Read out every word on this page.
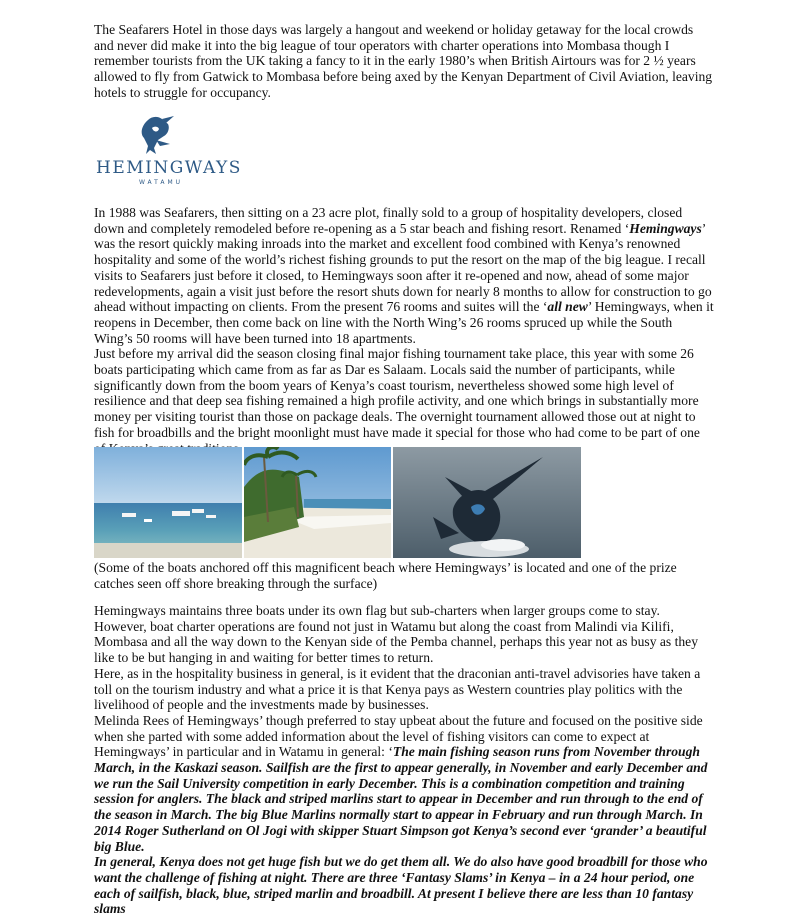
The Seafarers Hotel in those days was largely a hangout and weekend or holiday getaway for the local crowds and never did make it into the big league of tour operators with charter operations into Mombasa though I remember tourists from the UK taking a fancy to it in the early 1980’s when British Airtours was for 2 ½ years allowed to fly from Gatwick to Mombasa before being axed by the Kenyan Department of Civil Aviation, leaving hotels to struggle for occupancy.

HEMINGWAYS
WATAMU

In 1988 was Seafarers, then sitting on a 23 acre plot, finally sold to a group of hospitality developers, closed down and completely remodeled before re-opening as a 5 star beach and fishing resort. Renamed ‘Hemingways’ was the resort quickly making inroads into the market and excellent food combined with Kenya’s renowned hospitality and some of the world’s richest fishing grounds to put the resort on the map of the big league. I recall visits to Seafarers just before it closed, to Hemingways soon after it re-opened and now, ahead of some major redevelopments, again a visit just before the resort shuts down for nearly 8 months to allow for construction to go ahead without impacting on clients. From the present 76 rooms and suites will the ‘all new’ Hemingways, when it reopens in December, then come back on line with the North Wing’s 26 rooms spruced up while the South Wing’s 50 rooms will have been turned into 18 apartments.
Just before my arrival did the season closing final major fishing tournament take place, this year with some 26 boats participating which came from as far as Dar es Salaam. Locals said the number of participants, while significantly down from the boom years of Kenya’s coast tourism, nevertheless showed some high level of resilience and that deep sea fishing remained a high profile activity, and one which brings in substantially more money per visiting tourist than those on package deals. The overnight tournament allowed those out at night to fish for broadbills and the bright moonlight must have made it special for those who had come to be part of one

(Some of the boats anchored off this magnificent beach where Hemingways’ is located and one of the prize catches seen off shore breaking through the surface)

Hemingways maintains three boats under its own flag but sub-charters when larger groups come to stay. However, boat charter operations are found not just in Watamu but along the coast from Malindi via Kilifi, Mombasa and all the way down to the Kenyan side of the Pemba channel, perhaps this year not as busy as they like to be but hanging in and waiting for better times to return.
Here, as in the hospitality business in general, is it evident that the draconian anti-travel advisories have taken a toll on the tourism industry and what a price it is that Kenya pays as Western countries play politics with the livelihood of people and the investments made by businesses.
Melinda Rees of Hemingways’ though preferred to stay upbeat about the future and focused on the positive side when she parted with some added information about the level of fishing visitors can come to expect at Hemingways’ in particular and in Watamu in general: ‘The main fishing season runs from November through March, in the Kaskazi season. Sailfish are the first to appear generally, in November and early December and we run the Sail University competition in early December. This is a combination competition and training session for anglers. The black and striped marlins start to appear in December and run through to the end of the season in March. The big Blue Marlins normally start to appear in February and run through March. In 2014 Roger Sutherland on Ol Jogi with skipper Stuart Simpson got Kenya’s second ever ‘grander’ a beautiful big Blue.
In general, Kenya does not get huge fish but we do get them all. We do also have good broadbill for those who want the challenge of fishing at night. There are three ‘Fantasy Slams’ in Kenya – in a 24 hour period, one each of sailfish, black, blue, striped marlin and broadbill. At present I believe there are less than 10 fantasy slams
